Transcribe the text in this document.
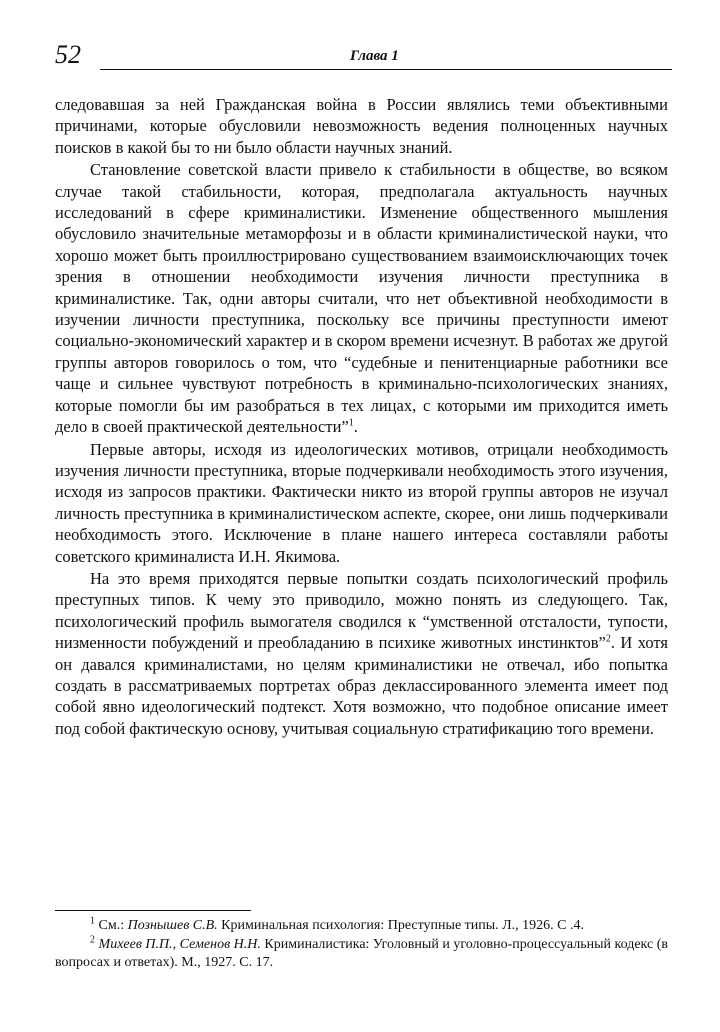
52	Глава 1

следовавшая за ней Гражданская война в России являлись теми объективными причинами, которые обусловили невозможность ведения полноценных научных поисков в какой бы то ни было области научных знаний.

Становление советской власти привело к стабильности в обществе, во всяком случае такой стабильности, которая, предполагала актуальность научных исследований в сфере криминалистики. Изменение общественного мышления обусловило значительные метаморфозы и в области криминалистической науки, что хорошо может быть проиллюстрировано существованием взаимоисключающих точек зрения в отношении необходимости изучения личности преступника в криминалистике. Так, одни авторы считали, что нет объективной необходимости в изучении личности преступника, поскольку все причины преступности имеют социально-экономический характер и в скором времени исчезнут. В работах же другой группы авторов говорилось о том, что “судебные и пенитенциарные работники все чаще и сильнее чувствуют потребность в криминально-психологических знаниях, которые помогли бы им разобраться в тех лицах, с которыми им приходится иметь дело в своей практической деятельности”$^1$.

Первые авторы, исходя из идеологических мотивов, отрицали необходимость изучения личности преступника, вторые подчеркивали необходимость этого изучения, исходя из запросов практики. Фактически никто из второй группы авторов не изучал личность преступника в криминалистическом аспекте, скорее, они лишь подчеркивали необходимость этого. Исключение в плане нашего интереса составляли работы советского криминалиста И.Н. Якимова.

На это время приходятся первые попытки создать психологический профиль преступных типов. К чему это приводило, можно понять из следующего. Так, психологический профиль вымогателя сводился к “умственной отсталости, тупости, низменности побуждений и преобладанию в психике животных инстинктов”$^2$. И хотя он давался криминалистами, но целям криминалистики не отвечал, ибо попытка создать в рассматриваемых портретах образ деклассированного элемента имеет под собой явно идеологический подтекст. Хотя возможно, что подобное описание имеет под собой фактическую основу, учитывая социальную стратификацию того времени.

$^1$ См.: Познышев С.В. Криминальная психология: Преступные типы. Л., 1926. С .4.

$^2$ Михеев П.П., Семенов Н.Н. Криминалистика: Уголовный и уголовно-процессуальный кодекс (в вопросах и ответах). М., 1927. С. 17.
